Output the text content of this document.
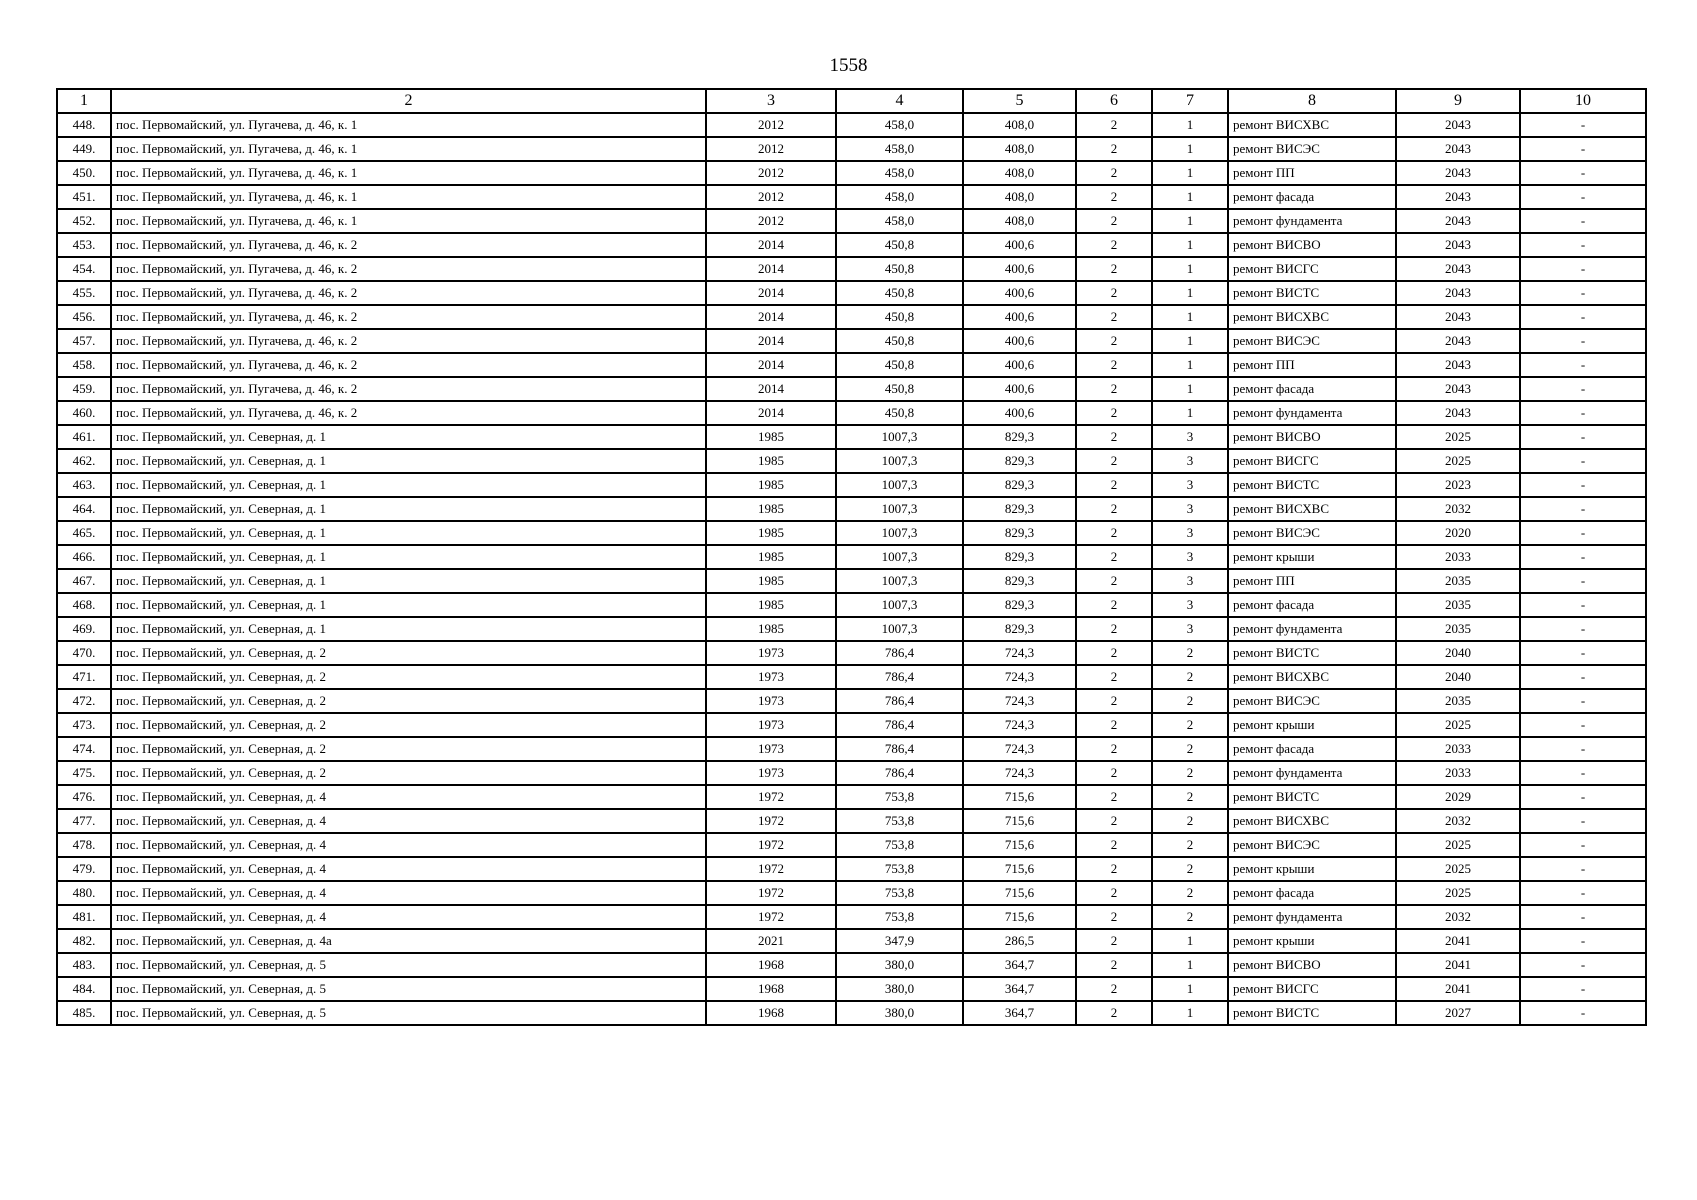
1558
1	2	3	4	5	6	7	8	9	10
448.	пос. Первомайский, ул. Пугачева, д. 46, к. 1	2012	458,0	408,0	2	1	ремонт ВИСХВС	2043	-
449.	пос. Первомайский, ул. Пугачева, д. 46, к. 1	2012	458,0	408,0	2	1	ремонт ВИСЭС	2043	-
450.	пос. Первомайский, ул. Пугачева, д. 46, к. 1	2012	458,0	408,0	2	1	ремонт ПП	2043	-
451.	пос. Первомайский, ул. Пугачева, д. 46, к. 1	2012	458,0	408,0	2	1	ремонт фасада	2043	-
452.	пос. Первомайский, ул. Пугачева, д. 46, к. 1	2012	458,0	408,0	2	1	ремонт фундамента	2043	-
453.	пос. Первомайский, ул. Пугачева, д. 46, к. 2	2014	450,8	400,6	2	1	ремонт ВИСВО	2043	-
454.	пос. Первомайский, ул. Пугачева, д. 46, к. 2	2014	450,8	400,6	2	1	ремонт ВИСГС	2043	-
455.	пос. Первомайский, ул. Пугачева, д. 46, к. 2	2014	450,8	400,6	2	1	ремонт ВИСТС	2043	-
456.	пос. Первомайский, ул. Пугачева, д. 46, к. 2	2014	450,8	400,6	2	1	ремонт ВИСХВС	2043	-
457.	пос. Первомайский, ул. Пугачева, д. 46, к. 2	2014	450,8	400,6	2	1	ремонт ВИСЭС	2043	-
458.	пос. Первомайский, ул. Пугачева, д. 46, к. 2	2014	450,8	400,6	2	1	ремонт ПП	2043	-
459.	пос. Первомайский, ул. Пугачева, д. 46, к. 2	2014	450,8	400,6	2	1	ремонт фасада	2043	-
460.	пос. Первомайский, ул. Пугачева, д. 46, к. 2	2014	450,8	400,6	2	1	ремонт фундамента	2043	-
461.	пос. Первомайский, ул. Северная, д. 1	1985	1007,3	829,3	2	3	ремонт ВИСВО	2025	-
462.	пос. Первомайский, ул. Северная, д. 1	1985	1007,3	829,3	2	3	ремонт ВИСГС	2025	-
463.	пос. Первомайский, ул. Северная, д. 1	1985	1007,3	829,3	2	3	ремонт ВИСТС	2023	-
464.	пос. Первомайский, ул. Северная, д. 1	1985	1007,3	829,3	2	3	ремонт ВИСХВС	2032	-
465.	пос. Первомайский, ул. Северная, д. 1	1985	1007,3	829,3	2	3	ремонт ВИСЭС	2020	-
466.	пос. Первомайский, ул. Северная, д. 1	1985	1007,3	829,3	2	3	ремонт крыши	2033	-
467.	пос. Первомайский, ул. Северная, д. 1	1985	1007,3	829,3	2	3	ремонт ПП	2035	-
468.	пос. Первомайский, ул. Северная, д. 1	1985	1007,3	829,3	2	3	ремонт фасада	2035	-
469.	пос. Первомайский, ул. Северная, д. 1	1985	1007,3	829,3	2	3	ремонт фундамента	2035	-
470.	пос. Первомайский, ул. Северная, д. 2	1973	786,4	724,3	2	2	ремонт ВИСТС	2040	-
471.	пос. Первомайский, ул. Северная, д. 2	1973	786,4	724,3	2	2	ремонт ВИСХВС	2040	-
472.	пос. Первомайский, ул. Северная, д. 2	1973	786,4	724,3	2	2	ремонт ВИСЭС	2035	-
473.	пос. Первомайский, ул. Северная, д. 2	1973	786,4	724,3	2	2	ремонт крыши	2025	-
474.	пос. Первомайский, ул. Северная, д. 2	1973	786,4	724,3	2	2	ремонт фасада	2033	-
475.	пос. Первомайский, ул. Северная, д. 2	1973	786,4	724,3	2	2	ремонт фундамента	2033	-
476.	пос. Первомайский, ул. Северная, д. 4	1972	753,8	715,6	2	2	ремонт ВИСТС	2029	-
477.	пос. Первомайский, ул. Северная, д. 4	1972	753,8	715,6	2	2	ремонт ВИСХВС	2032	-
478.	пос. Первомайский, ул. Северная, д. 4	1972	753,8	715,6	2	2	ремонт ВИСЭС	2025	-
479.	пос. Первомайский, ул. Северная, д. 4	1972	753,8	715,6	2	2	ремонт крыши	2025	-
480.	пос. Первомайский, ул. Северная, д. 4	1972	753,8	715,6	2	2	ремонт фасада	2025	-
481.	пос. Первомайский, ул. Северная, д. 4	1972	753,8	715,6	2	2	ремонт фундамента	2032	-
482.	пос. Первомайский, ул. Северная, д. 4а	2021	347,9	286,5	2	1	ремонт крыши	2041	-
483.	пос. Первомайский, ул. Северная, д. 5	1968	380,0	364,7	2	1	ремонт ВИСВО	2041	-
484.	пос. Первомайский, ул. Северная, д. 5	1968	380,0	364,7	2	1	ремонт ВИСГС	2041	-
485.	пос. Первомайский, ул. Северная, д. 5	1968	380,0	364,7	2	1	ремонт ВИСТС	2027	-
